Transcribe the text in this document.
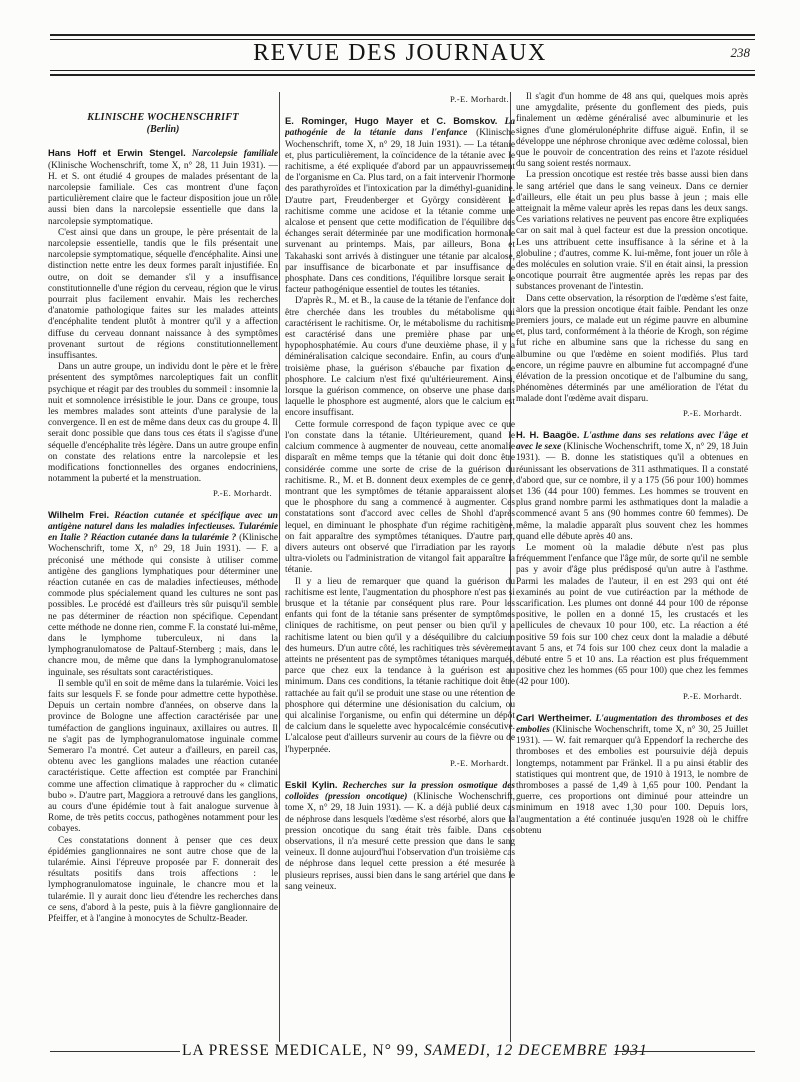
REVUE DES JOURNAUX	238
KLINISCHE WOCHENSCHRIFT
(Berlin)

Hans Hoff et Erwin Stengel. Narcolepsie familiale (Klinische Wochenschrift, tome X, n° 28, 11 Juin 1931). — H. et S. ont étudié 4 groupes de malades présentant de la narcolepsie familiale. Ces cas montrent d'une façon particulièrement claire que le facteur disposition joue un rôle aussi bien dans la narcolepsie essentielle que dans la narcolepsie symptomatique.

C'est ainsi que dans un groupe, le père présentait de la narcolepsie essentielle, tandis que le fils présentait une narcolepsie symptomatique, séquelle d'encéphalite. Ainsi une distinction nette entre les deux formes paraît injustifiée. En outre, on doit se demander s'il y a insuffisance constitutionnelle d'une région du cerveau, région que le virus pourrait plus facilement envahir. Mais les recherches d'anatomie pathologique faites sur les malades atteints d'encéphalite tendent plutôt à montrer qu'il y a affection diffuse du cerveau donnant naissance à des symptômes provenant surtout de régions constitutionnellement insuffisantes.

Dans un autre groupe, un individu dont le père et le frère présentent des symptômes narcoleptiques fait un conflit psychique et réagit par des troubles du sommeil : insomnie la nuit et somnolence irrésistible le jour. Dans ce groupe, tous les membres malades sont atteints d'une paralysie de la convergence. Il en est de même dans deux cas du groupe 4. Il serait donc possible que dans tous ces états il s'agisse d'une séquelle d'encéphalite très légère. Dans un autre groupe enfin on constate des relations entre la narcolepsie et les modifications fonctionnelles des organes endocriniens, notamment la puberté et la menstruation.

P.-E. Morhardt.

Wilhelm Frei. Réaction cutanée et spécifique avec un antigène naturel dans les maladies infectieuses. Tularémie en Italie ? Réaction cutanée dans la tularémie ? (Klinische Wochenschrift, tome X, n° 29, 18 Juin 1931). — F. a préconisé une méthode qui consiste à utiliser comme antigène des ganglions lymphatiques pour déterminer une réaction cutanée en cas de maladies infectieuses, méthode commode plus spécialement quand les cultures ne sont pas possibles. Le procédé est d'ailleurs très sûr puisqu'il semble ne pas déterminer de réaction non spécifique. Cependant cette méthode ne donne rien, comme F. la constaté lui-même, dans le lymphome tuberculeux, ni dans la lymphogranulomatose de Paltauf-Sternberg ; mais, dans le chancre mou, de même que dans la lymphogranulomatose inguinale, ses résultats sont caractéristiques.

Il semble qu'il en soit de même dans la tularémie. Voici les faits sur lesquels F. se fonde pour admettre cette hypothèse. Depuis un certain nombre d'années, on observe dans la province de Bologne une affection caractérisée par une tuméfaction de ganglions inguinaux, axillaires ou autres. Il ne s'agit pas de lymphogranulomatose inguinale comme Semeraro l'a montré. Cet auteur a d'ailleurs, en pareil cas, obtenu avec les ganglions malades une réaction cutanée caractéristique. Cette affection est comptée par Franchini comme une affection climatique à rapprocher du « climatic bubo ». D'autre part, Maggiora a retrouvé dans les ganglions, au cours d'une épidémie tout à fait analogue survenue à Rome, de très petits coccus, pathogènes notamment pour les cobayes.

Ces constatations donnent à penser que ces deux épidémies ganglionnaires ne sont autre chose que de la tularémie. Ainsi l'épreuve proposée par F. donnerait des résultats positifs dans trois affections : le lymphogranulomatose inguinale, le chancre mou et la tularémie. Il y aurait donc lieu d'étendre les recherches dans ce sens, d'abord à la peste, puis à la fièvre ganglionnaire de Pfeiffer, et à l'angine à monocytes de Schultz-Beader.

P.-E. Morhardt.

E. Rominger, Hugo Mayer et C. Bomskov. La pathogénie de la tétanie dans l'enfance (Klinische Wochenschrift, tome X, n° 29, 18 Juin 1931). — La tétanie et, plus particulièrement, la coïncidence de la tétanie avec le rachitisme, a été expliquée d'abord par un appauvrissement de l'organisme en Ca. Plus tard, on a fait intervenir l'hormone des parathyroïdes et l'intoxication par la diméthyl-guanidine. D'autre part, Freudenberger et György considèrent le rachitisme comme une acidose et la tétanie comme une alcalose et pensent que cette modification de l'équilibre des échanges serait déterminée par une modification hormonale survenant au printemps. Mais, par ailleurs, Bona et Takahaski sont arrivés à distinguer une tétanie par alcalose, par insuffisance de bicarbonate et par insuffisance de phosphate. Dans ces conditions, l'équilibre lorsque serait le facteur pathogénique essentiel de toutes les tétanies.

D'après R., M. et B., la cause de la tétanie de l'enfance doit être cherchée dans les troubles du métabolisme qui caractérisent le rachitisme. Or, le métabolisme du rachitisme est caractérisé dans une première phase par une hypophosphatémie. Au cours d'une deuxième phase, il y a déminéralisation calcique secondaire. Enfin, au cours d'une troisième phase, la guérison s'ébauche par fixation de phosphore. Le calcium n'est fixé qu'ultérieurement. Ainsi, lorsque la guérison commence, on observe une phase dans laquelle le phosphore est augmenté, alors que le calcium est encore insuffisant.

Cette formule correspond de façon typique avec ce que l'on constate dans la tétanie. Ultérieurement, quand le calcium commence à augmenter de nouveau, cette anomalie disparaît en même temps que la tétanie qui doit donc être considérée comme une sorte de crise de la guérison du rachitisme. R., M. et B. donnent deux exemples de ce genre, montrant que les symptômes de tétanie apparaissent alors que le phosphore du sang a commencé à augmenter. Ces constatations sont d'accord avec celles de Shohl d'après lequel, en diminuant le phosphate d'un régime rachitigène, on fait apparaître des symptômes tétaniques. D'autre part, divers auteurs ont observé que l'irradiation par les rayons ultra-violets ou l'administration de vitangol fait apparaître la tétanie.

Il y a lieu de remarquer que quand la guérison du rachitisme est lente, l'augmentation du phosphore n'est pas si brusque et la tétanie par conséquent plus rare. Pour les enfants qui font de la tétanie sans présenter de symptômes cliniques de rachitisme, on peut penser ou bien qu'il y a rachitisme latent ou bien qu'il y a déséquilibre du calcium des humeurs. D'un autre côté, les rachitiques très sévèrement atteints ne présentent pas de symptômes tétaniques marqués, parce que chez eux la tendance à la guérison est au minimum. Dans ces conditions, la tétanie rachitique doit être rattachée au fait qu'il se produit une stase ou une rétention de phosphore qui détermine une désionisation du calcium, ou qui alcalinise l'organisme, ou enfin qui détermine un dépôt de calcium dans le squelette avec hypocalcémie consécutive. L'alcalose peut d'ailleurs survenir au cours de la fièvre ou de l'hyperpnée.

P.-E. Morhardt.

Eskil Kylin. Recherches sur la pression osmotique des colloïdes (pression oncotique) (Klinische Wochenschrift, tome X, n° 29, 18 Juin 1931). — K. a déjà publié deux cas de néphrose dans lesquels l'œdème s'est résorbé, alors que la pression oncotique du sang était très faible. Dans ces observations, il n'a mesuré cette pression que dans le sang veineux. Il donne aujourd'hui l'observation d'un troisième cas de néphrose dans lequel cette pression a été mesurée à plusieurs reprises, aussi bien dans le sang artériel que dans le sang veineux.

Il s'agit d'un homme de 48 ans qui, quelques mois après une amygdalite, présente du gonflement des pieds, puis finalement un œdème généralisé avec albuminurie et les signes d'une glomérulonéphrite diffuse aiguë. Enfin, il se développe une néphrose chronique avec œdème colossal, bien que le pouvoir de concentration des reins et l'azote résiduel du sang soient restés normaux.

La pression oncotique est restée très basse aussi bien dans le sang artériel que dans le sang veineux. Dans ce dernier d'ailleurs, elle était un peu plus basse à jeun ; mais elle atteignait la même valeur après les repas dans les deux sangs. Ces variations relatives ne peuvent pas encore être expliquées car on sait mal à quel facteur est due la pression oncotique. Les uns attribuent cette insuffisance à la sérine et à la globuline ; d'autres, comme K. lui-même, font jouer un rôle à des molécules en solution vraie. S'il en était ainsi, la pression oncotique pourrait être augmentée après les repas par des substances provenant de l'intestin.

Dans cette observation, la résorption de l'œdème s'est faite, alors que la pression oncotique était faible. Pendant les onze premiers jours, ce malade eut un régime pauvre en albumine et, plus tard, conformément à la théorie de Krogh, son régime fut riche en albumine sans que la richesse du sang en albumine ou que l'œdème en soient modifiés. Plus tard encore, un régime pauvre en albumine fut accompagné d'une élévation de la pression oncotique et de l'albumine du sang, phénomènes déterminés par une amélioration de l'état du malade dont l'œdème avait disparu.

P.-E. Morhardt.

H. H. Baagöe. L'asthme dans ses relations avec l'âge et avec le sexe (Klinische Wochenschrift, tome X, n° 29, 18 Juin 1931). — B. donne les statistiques qu'il a obtenues en réunissant les observations de 311 asthmatiques. Il a constaté d'abord que, sur ce nombre, il y a 175 (56 pour 100) hommes et 136 (44 pour 100) femmes. Les hommes se trouvent en plus grand nombre parmi les asthmatiques dont la maladie a commencé avant 5 ans (90 hommes contre 60 femmes). De même, la maladie apparaît plus souvent chez les hommes quand elle débute après 40 ans.

Le moment où la maladie débute n'est pas plus fréquemment l'enfance que l'âge mûr, de sorte qu'il ne semble pas y avoir d'âge plus prédisposé qu'un autre à l'asthme. Parmi les malades de l'auteur, il en est 293 qui ont été examinés au point de vue cutiréaction par la méthode de scarification. Les plumes ont donné 44 pour 100 de réponse positive, le pollen en a donné 15, les crustacés et les pellicules de chevaux 10 pour 100, etc. La réaction a été positive 59 fois sur 100 chez ceux dont la maladie a débuté avant 5 ans, et 74 fois sur 100 chez ceux dont la maladie a débuté entre 5 et 10 ans. La réaction est plus fréquemment positive chez les hommes (65 pour 100) que chez les femmes (42 pour 100).

P.-E. Morhardt.

Carl Wertheimer. L'augmentation des thromboses et des embolies (Klinische Wochenschrift, tome X, n° 30, 25 Juillet 1931). — W. fait remarquer qu'à Eppendorf la recherche des thromboses et des embolies est poursuivie déjà depuis longtemps, notamment par Fränkel. Il a pu ainsi établir des statistiques qui montrent que, de 1910 à 1913, le nombre de thromboses a passé de 1,49 à 1,65 pour 100. Pendant la guerre, ces proportions ont diminué pour atteindre un minimum en 1918 avec 1,30 pour 100. Depuis lors, l'augmentation a été continuée jusqu'en 1928 où le chiffre obtenu

LA PRESSE MEDICALE, N° 99, SAMEDI, 12 DECEMBRE 1931
